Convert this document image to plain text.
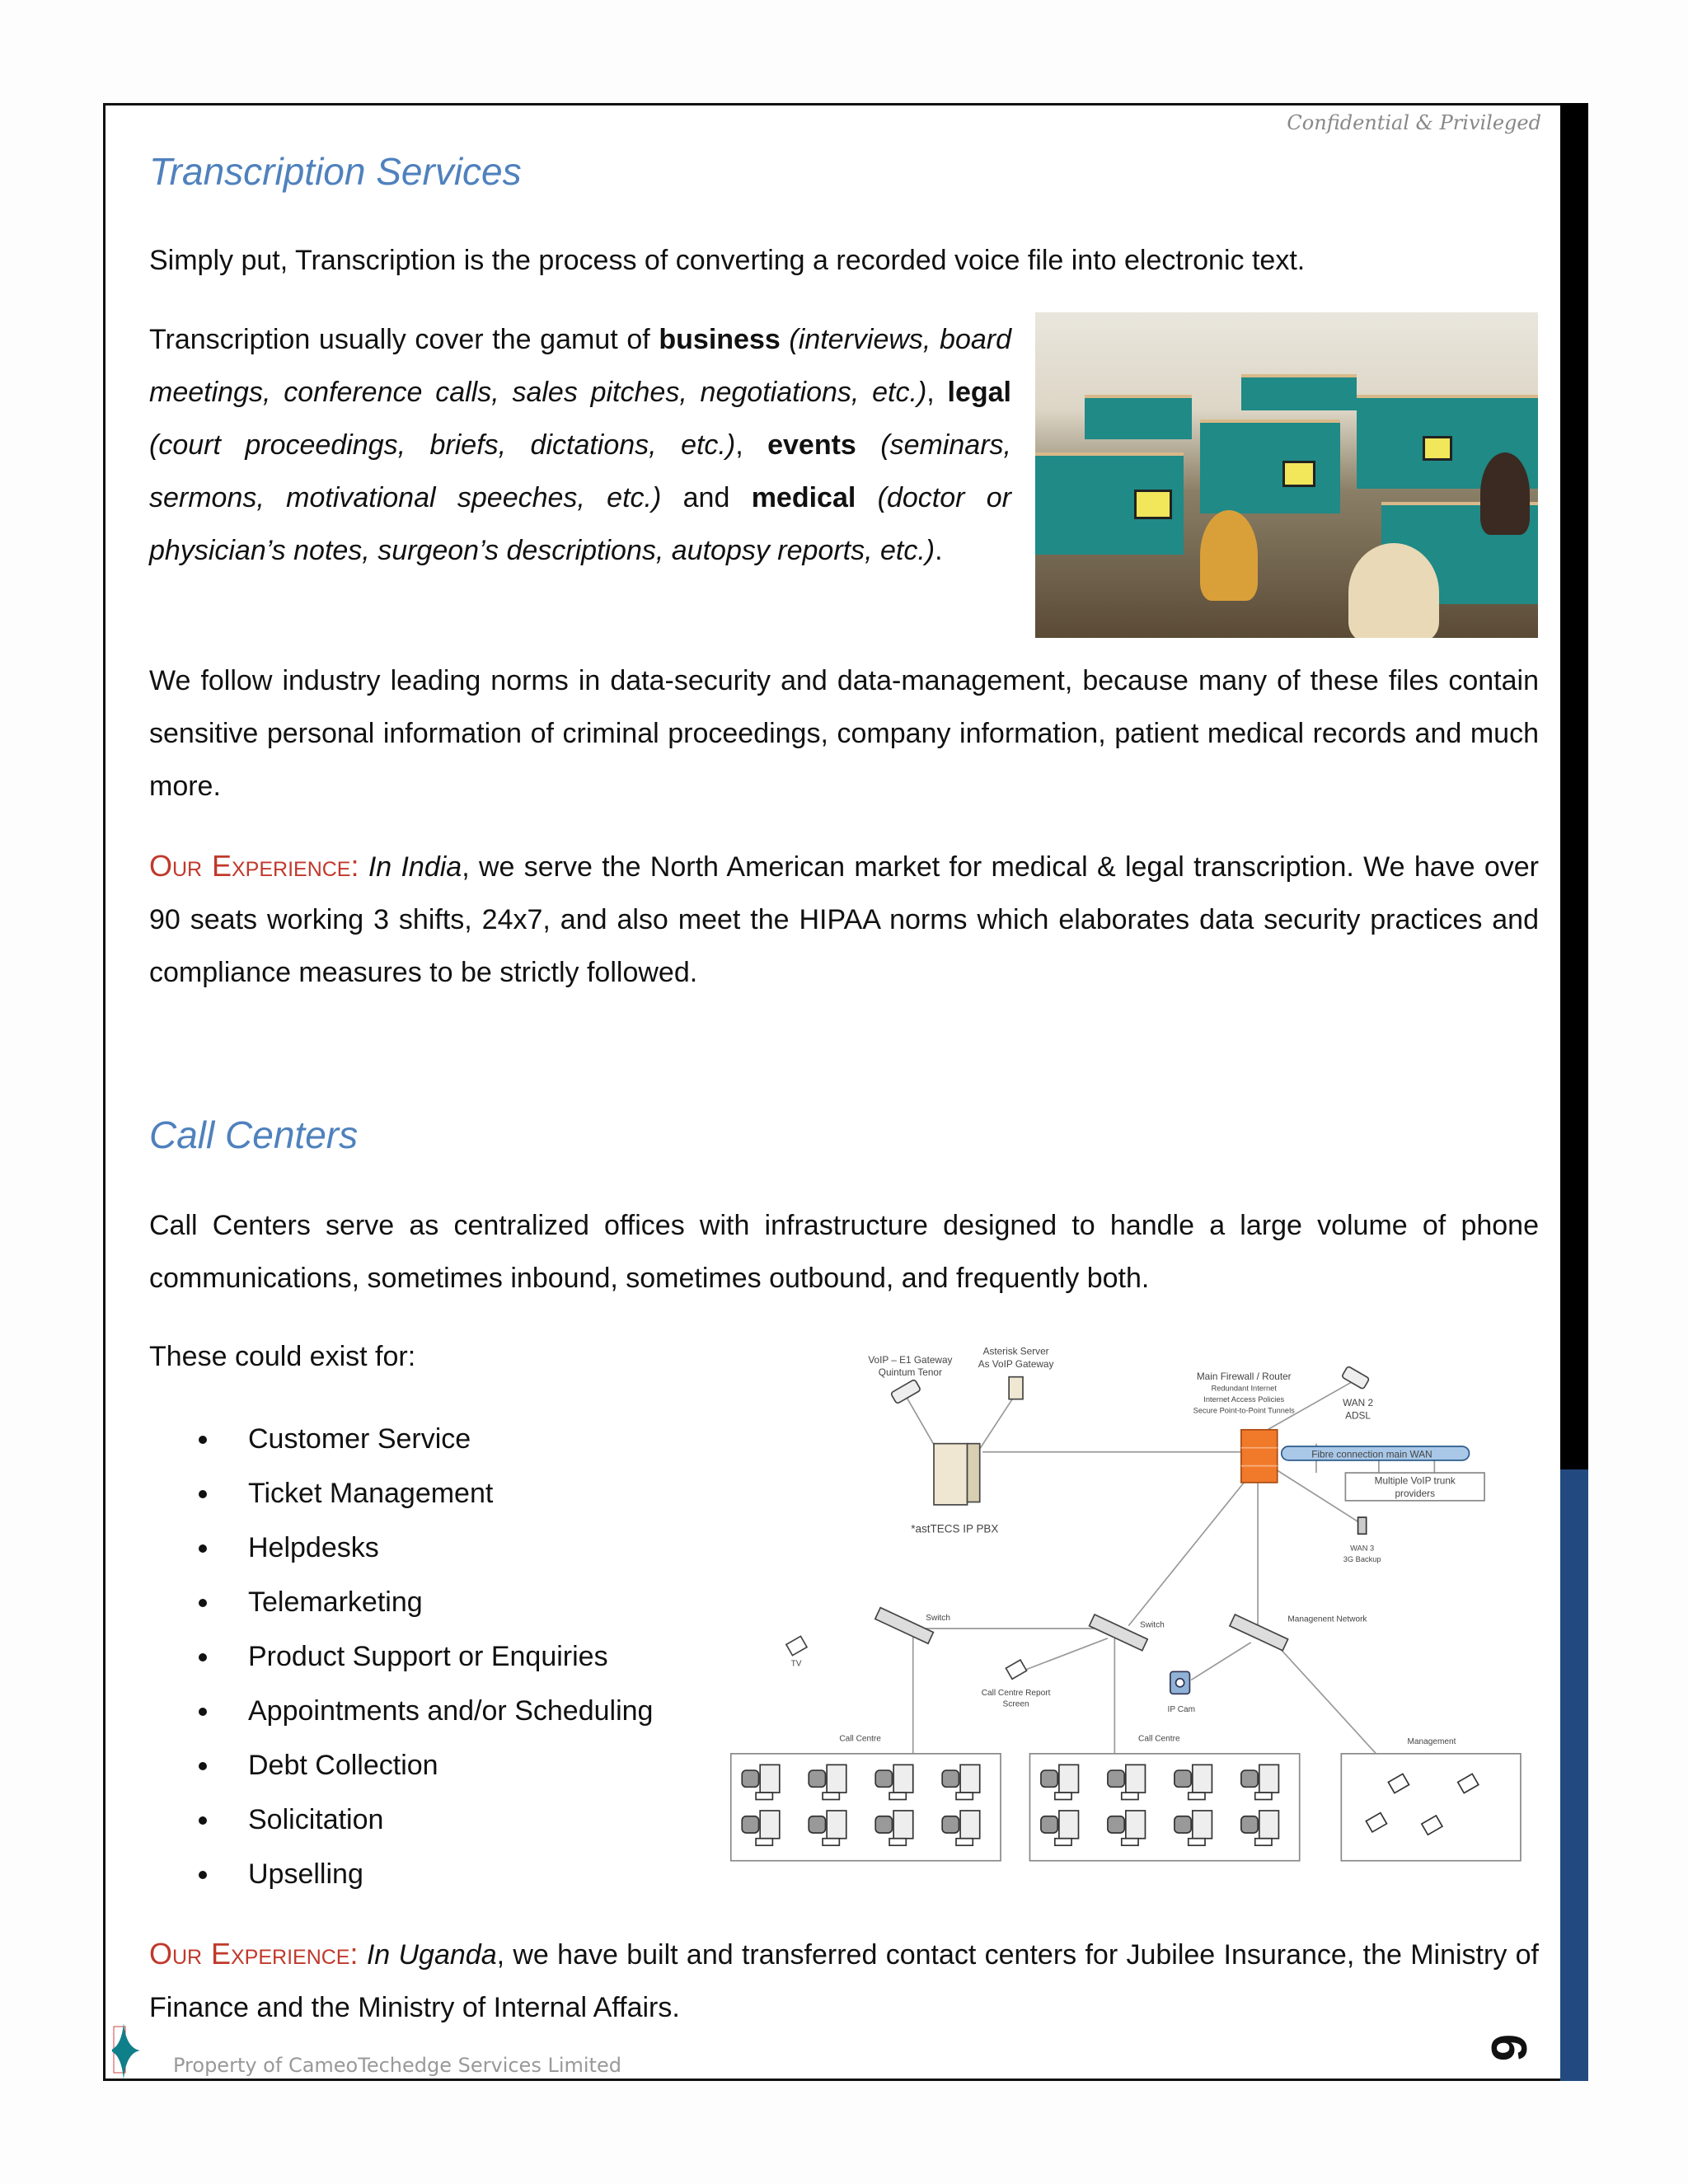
Confidential & Privileged
Transcription Services
Simply put, Transcription is the process of converting a recorded voice file into electronic text.
Transcription usually cover the gamut of business (interviews, board meetings, conference calls, sales pitches, negotiations, etc.), legal (court proceedings, briefs, dictations, etc.), events (seminars, sermons, motivational speeches, etc.) and medical (doctor or physician’s notes, surgeon’s descriptions, autopsy reports, etc.).
We follow industry leading norms in data-security and data-management, because many of these files contain sensitive personal information of criminal proceedings, company information, patient medical records and much more.
Our Experience: In India, we serve the North American market for medical & legal transcription. We have over 90 seats working 3 shifts, 24x7, and also meet the HIPAA norms which elaborates data security practices and compliance measures to be strictly followed.
Call Centers
Call Centers serve as centralized offices with infrastructure designed to handle a large volume of phone communications, sometimes inbound, sometimes outbound, and frequently both.
These could exist for:
Customer Service
Ticket Management
Helpdesks
Telemarketing
Product Support or Enquiries
Appointments and/or Scheduling
Debt Collection
Solicitation
Upselling
VoIP – E1 Gateway
Quintum Tenor
Asterisk Server
As VoIP Gateway
*astTECS IP PBX
Main Firewall / Router
Redundant Internet
Internet Access Policies
Secure Point-to-Point Tunnels
WAN 2
ADSL
Fibre connection main WAN
Multiple VoIP trunk
providers
WAN 3
3G Backup
Switch
Switch
Managenent Network
TV
Call Centre Report
Screen
IP Cam
Call Centre	Call Centre	Management
Our Experience: In Uganda, we have built and transferred contact centers for Jubilee Insurance, the Ministry of Finance and the Ministry of Internal Affairs.
Property of CameoTechedge Services Limited
9
